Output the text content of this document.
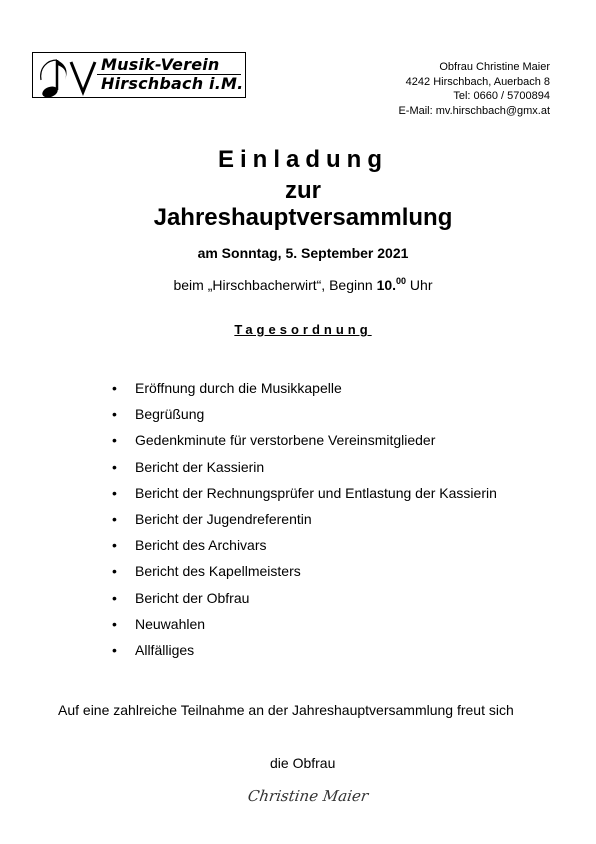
Musik-Verein
Hirschbach i.M.
Obfrau Christine Maier
4242 Hirschbach, Auerbach 8
Tel: 0660 / 5700894
E-Mail: mv.hirschbach@gmx.at
Einladung
zur
Jahreshauptversammlung
am Sonntag, 5. September 2021
beim „Hirschbacherwirt“, Beginn 10.00 Uhr
Tagesordnung
• Eröffnung durch die Musikkapelle
• Begrüßung
• Gedenkminute für verstorbene Vereinsmitglieder
• Bericht der Kassierin
• Bericht der Rechnungsprüfer und Entlastung der Kassierin
• Bericht der Jugendreferentin
• Bericht des Archivars
• Bericht des Kapellmeisters
• Bericht der Obfrau
• Neuwahlen
• Allfälliges
Auf eine zahlreiche Teilnahme an der Jahreshauptversammlung freut sich
die Obfrau
Christine Maier
